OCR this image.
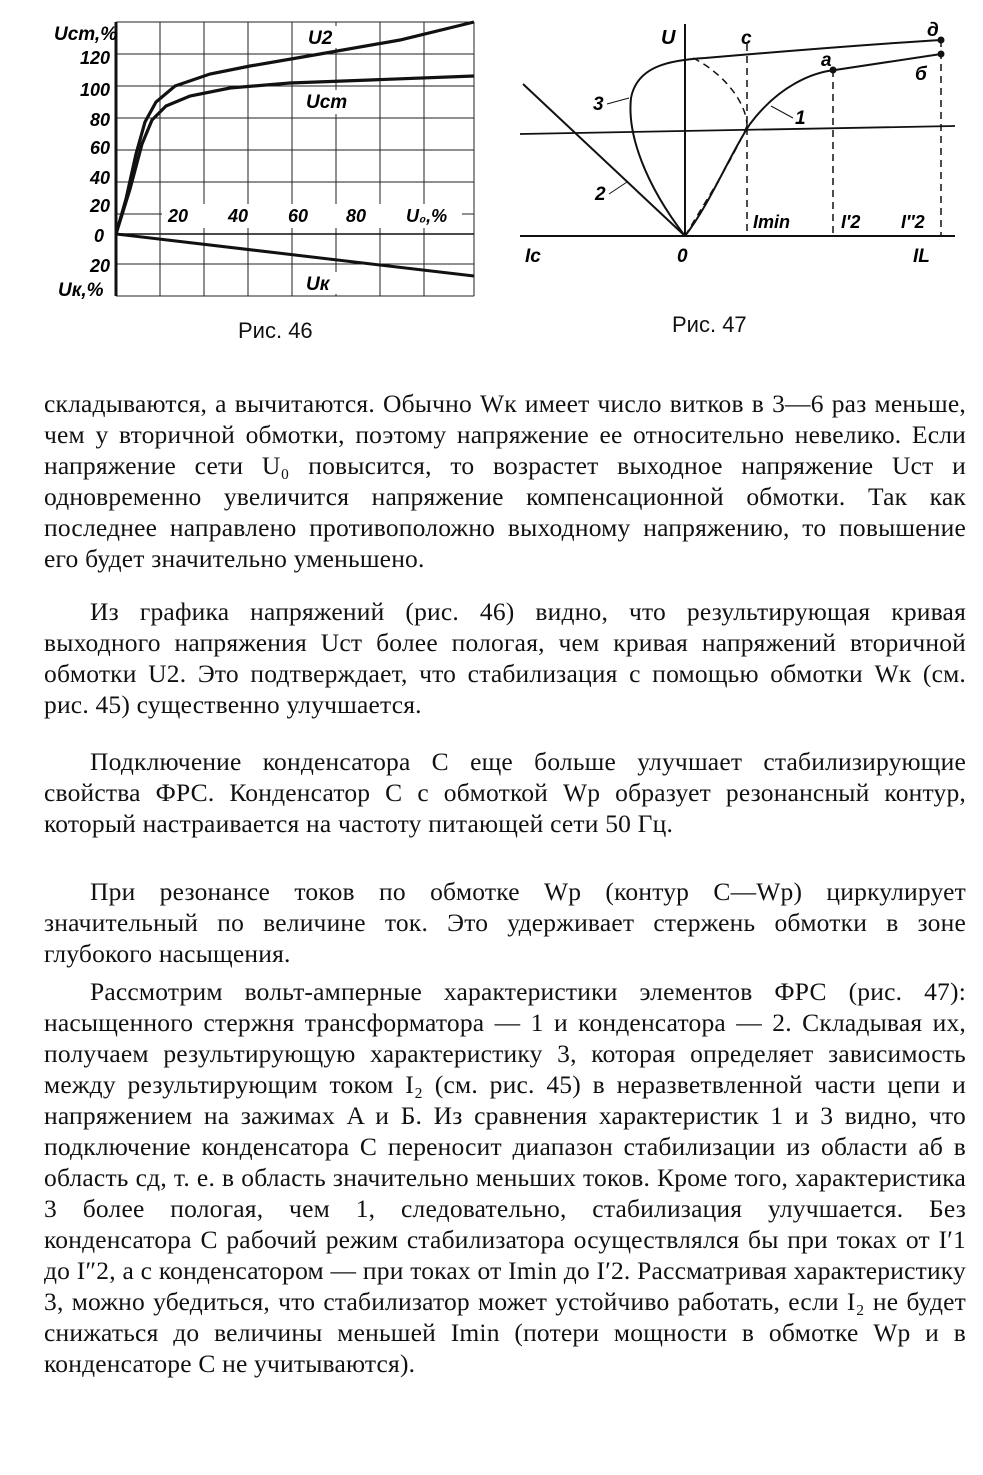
Uст,%
120
100
80
60
40
20
0
20
Uк,%
20 40 60 80 U₀,%
U2
Uст
Uк
Рис. 46
U	с	д
а
б
3
2
1
Imin	I′2 I″2
Ic	0	IL
Рис. 47

складываются, а вычитаются. Обычно Wк имеет число витков в 3—6 раз меньше, чем у вторичной обмотки, поэтому напряжение ее относительно невелико. Если напряжение сети U₀ повысится, то возрастет выходное напряжение Uст и одновременно увеличится напряжение компенсационной обмотки. Так как последнее направлено противоположно выходному напряжению, то повышение его будет значительно уменьшено.

Из графика напряжений (рис. 46) видно, что результирующая кривая выходного напряжения Uст более пологая, чем кривая напряжений вторичной обмотки U2. Это подтверждает, что стабилизация с помощью обмотки Wк (см. рис. 45) существенно улучшается.

Подключение конденсатора C еще больше улучшает стабилизирующие свойства ФРС. Конденсатор C с обмоткой Wр образует резонансный контур, который настраивается на частоту питающей сети 50 Гц.

При резонансе токов по обмотке Wр (контур C—Wр) циркулирует значительный по величине ток. Это удерживает стержень обмотки в зоне глубокого насыщения.

Рассмотрим вольт-амперные характеристики элементов ФРС (рис. 47): насыщенного стержня трансформатора — 1 и конденсатора — 2. Складывая их, получаем результирующую характеристику 3, которая определяет зависимость между результирующим током I₂ (см. рис. 45) в неразветвленной части цепи и напряжением на зажимах A и Б. Из сравнения характеристик 1 и 3 видно, что подключение конденсатора C переносит диапазон стабилизации из области аб в область сд, т. е. в область значительно меньших токов. Кроме того, характеристика 3 более пологая, чем 1, следовательно, стабилизация улучшается. Без конденсатора C рабочий режим стабилизатора осуществлялся бы при токах от I′1 до I″2, а с конденсатором — при токах от Imin до I′2. Рассматривая характеристику 3, можно убедиться, что стабилизатор может устойчиво работать, если I₂ не будет снижаться до величины меньшей Imin (потери мощности в обмотке Wр и в конденсаторе C не учитываются).
